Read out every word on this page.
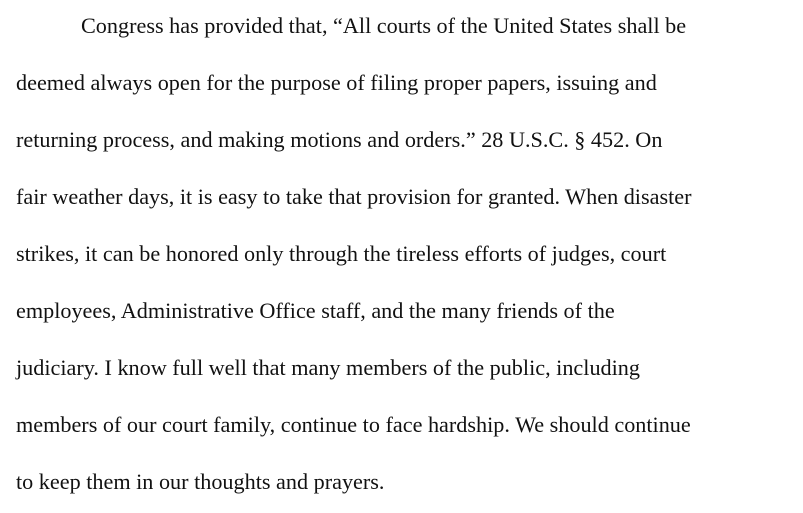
Congress has provided that, “All courts of the United States shall be

deemed always open for the purpose of filing proper papers, issuing and

returning process, and making motions and orders.” 28 U.S.C. § 452. On

fair weather days, it is easy to take that provision for granted. When disaster

strikes, it can be honored only through the tireless efforts of judges, court

employees, Administrative Office staff, and the many friends of the

judiciary. I know full well that many members of the public, including

members of our court family, continue to face hardship. We should continue

to keep them in our thoughts and prayers.
